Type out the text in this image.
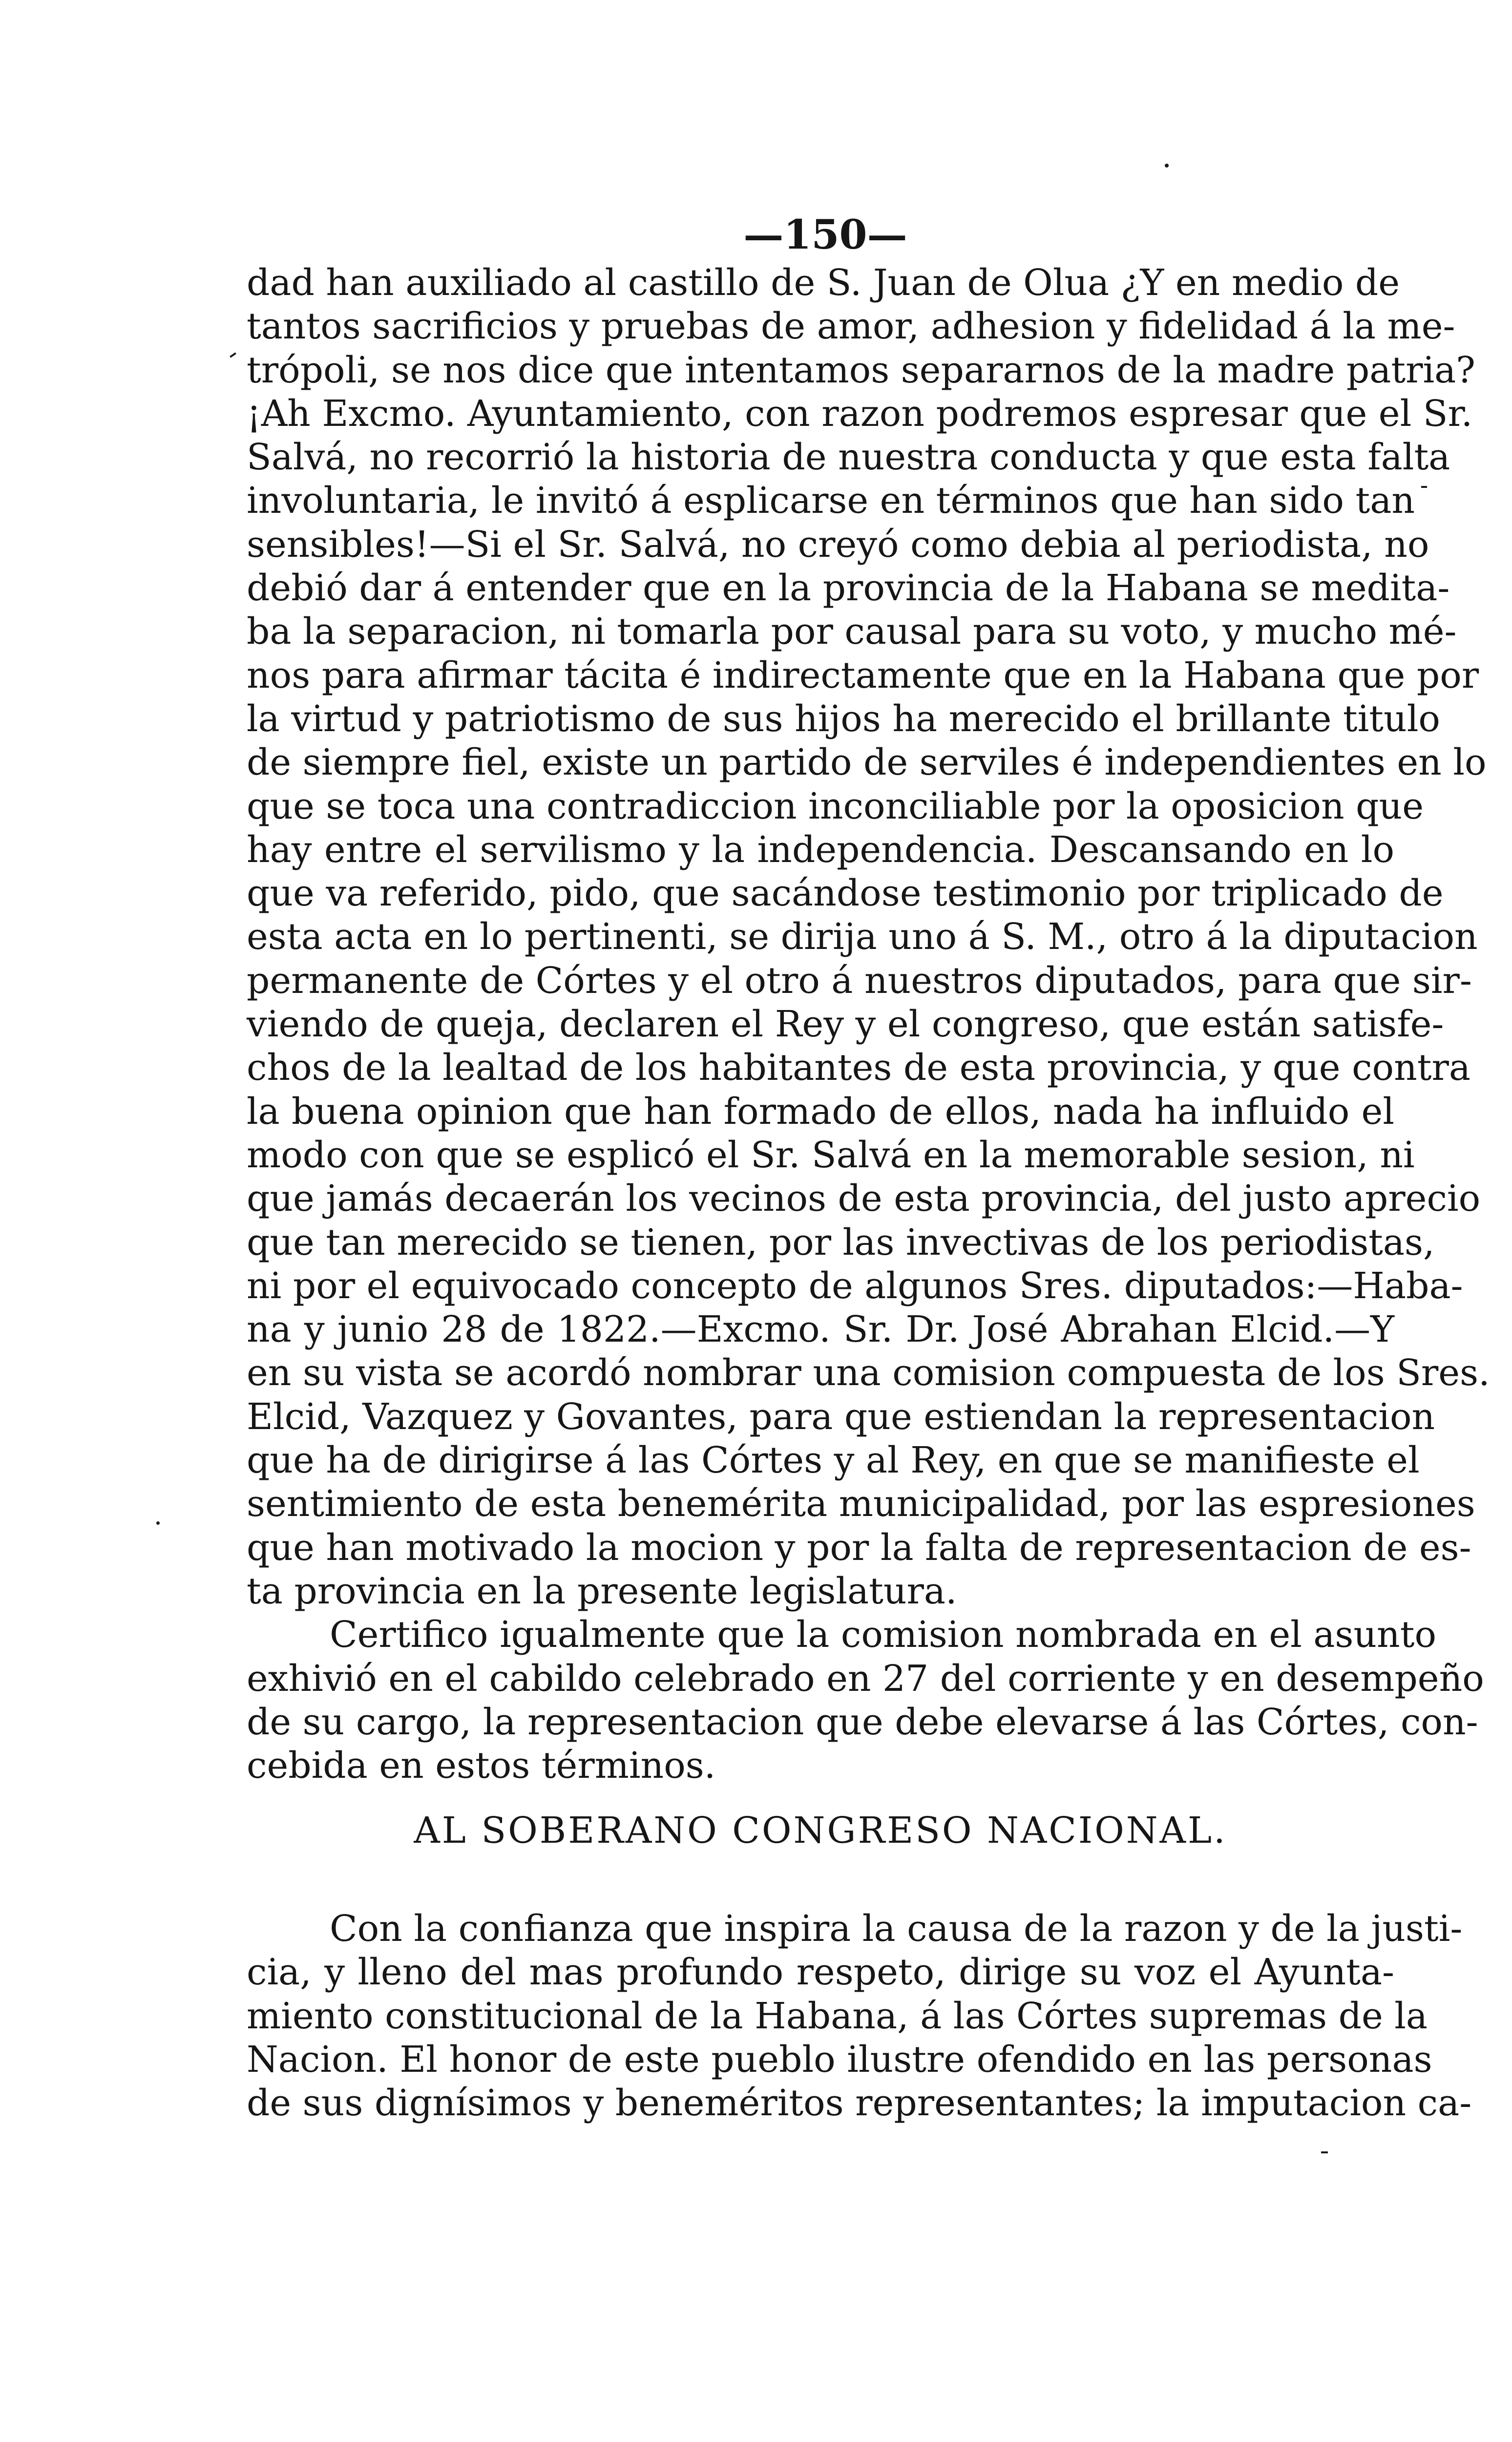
—150—
dad han auxiliado al castillo de S. Juan de Olua ¿Y en medio de
tantos sacrificios y pruebas de amor, adhesion y fidelidad á la me-
trópoli, se nos dice que intentamos separarnos de la madre patria?
¡Ah Excmo. Ayuntamiento, con razon podremos espresar que el Sr.
Salvá, no recorrió la historia de nuestra conducta y que esta falta
involuntaria, le invitó á esplicarse en términos que han sido tan
sensibles!—Si el Sr. Salvá, no creyó como debia al periodista, no
debió dar á entender que en la provincia de la Habana se medita-
ba la separacion, ni tomarla por causal para su voto, y mucho mé-
nos para afirmar tácita é indirectamente que en la Habana que por
la virtud y patriotismo de sus hijos ha merecido el brillante titulo
de siempre fiel, existe un partido de serviles é independientes en lo
que se toca una contradiccion inconciliable por la oposicion que
hay entre el servilismo y la independencia. Descansando en lo
que va referido, pido, que sacándose testimonio por triplicado de
esta acta en lo pertinenti, se dirija uno á S. M., otro á la diputacion
permanente de Córtes y el otro á nuestros diputados, para que sir-
viendo de queja, declaren el Rey y el congreso, que están satisfe-
chos de la lealtad de los habitantes de esta provincia, y que contra
la buena opinion que han formado de ellos, nada ha influido el
modo con que se esplicó el Sr. Salvá en la memorable sesion, ni
que jamás decaerán los vecinos de esta provincia, del justo aprecio
que tan merecido se tienen, por las invectivas de los periodistas,
ni por el equivocado concepto de algunos Sres. diputados:—Haba-
na y junio 28 de 1822.—Excmo. Sr. Dr. José Abrahan Elcid.—Y
en su vista se acordó nombrar una comision compuesta de los Sres.
Elcid, Vazquez y Govantes, para que estiendan la representacion
que ha de dirigirse á las Córtes y al Rey, en que se manifieste el
sentimiento de esta benemérita municipalidad, por las espresiones
que han motivado la mocion y por la falta de representacion de es-
ta provincia en la presente legislatura.
Certifico igualmente que la comision nombrada en el asunto
exhivió en el cabildo celebrado en 27 del corriente y en desempeño
de su cargo, la representacion que debe elevarse á las Córtes, con-
cebida en estos términos.
AL SOBERANO CONGRESO NACIONAL.
Con la confianza que inspira la causa de la razon y de la justi-
cia, y lleno del mas profundo respeto, dirige su voz el Ayunta-
miento constitucional de la Habana, á las Córtes supremas de la
Nacion. El honor de este pueblo ilustre ofendido en las personas
de sus dignísimos y beneméritos representantes; la imputacion ca-
